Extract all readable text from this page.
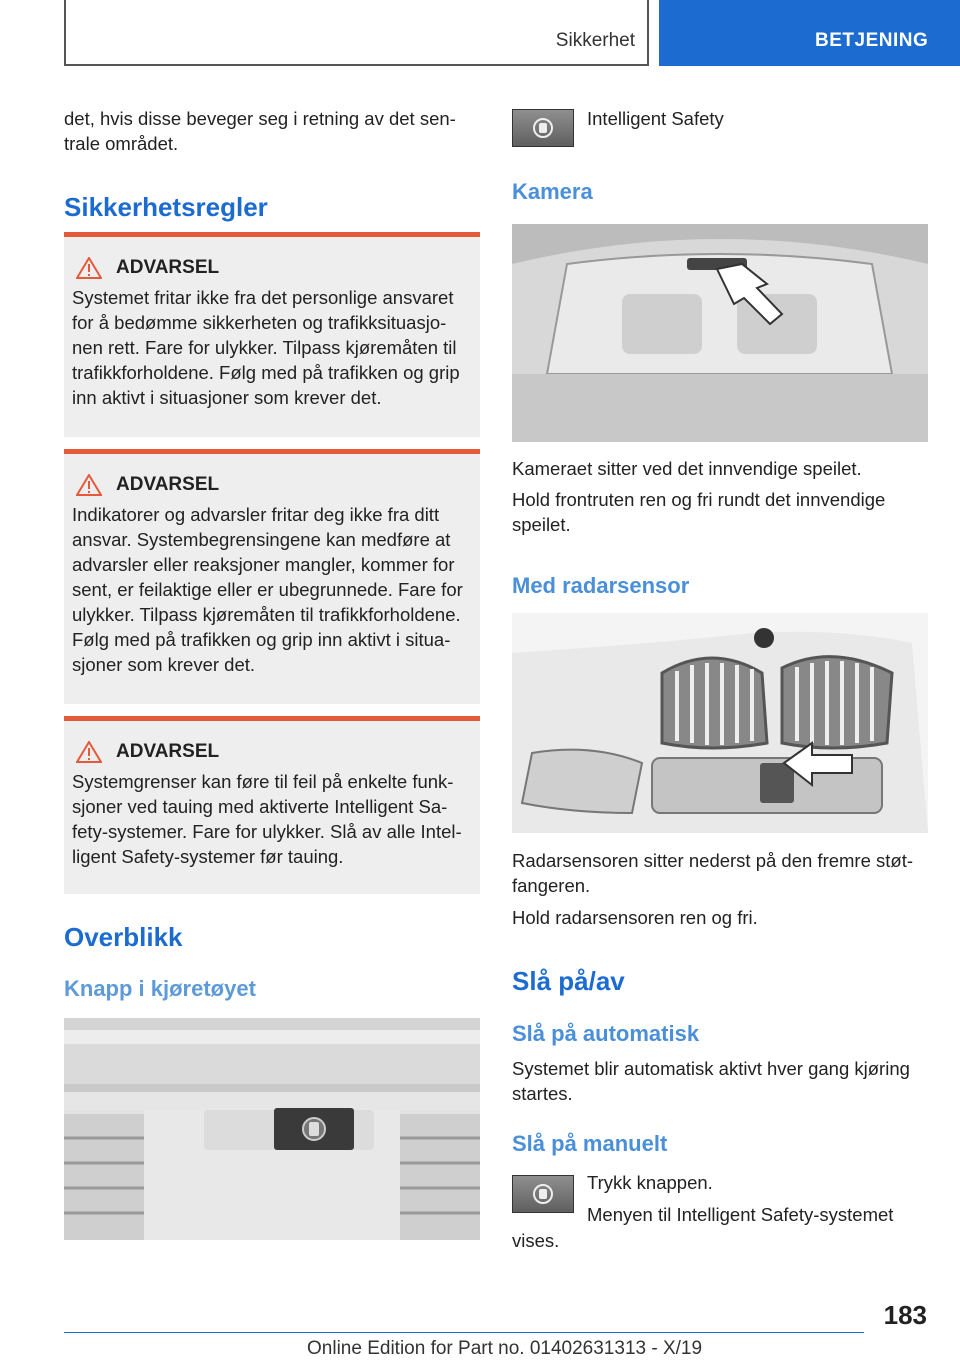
Sikkerhet	BETJENING
det, hvis disse beveger seg i retning av det sen-
trale området.
Sikkerhetsregler
ADVARSEL
Systemet fritar ikke fra det personlige ansvaret for å bedømme sikkerheten og trafikksituasjo-nen rett. Fare for ulykker. Tilpass kjøremåten til trafikkforholdene. Følg med på trafikken og grip inn aktivt i situasjoner som krever det.
ADVARSEL
Indikatorer og advarsler fritar deg ikke fra ditt ansvar. Systembegrensingene kan medføre at advarsler eller reaksjoner mangler, kommer for sent, er feilaktige eller er ubegrunnede. Fare for ulykker. Tilpass kjøremåten til trafikkforholdene. Følg med på trafikken og grip inn aktivt i situa-sjoner som krever det.
ADVARSEL
Systemgrenser kan føre til feil på enkelte funk-sjoner ved tauing med aktiverte Intelligent Sa-fety-systemer. Fare for ulykker. Slå av alle Intel-ligent Safety-systemer før tauing.
Overblikk
Knapp i kjøretøyet
Intelligent Safety
Kamera
Kameraet sitter ved det innvendige speilet.
Hold frontruten ren og fri rundt det innvendige speilet.
Med radarsensor
Radarsensoren sitter nederst på den fremre støt-fangeren.
Hold radarsensoren ren og fri.
Slå på/av
Slå på automatisk
Systemet blir automatisk aktivt hver gang kjøring startes.
Slå på manuelt
Trykk knappen.
Menyen til Intelligent Safety-systemet
vises.
183
Online Edition for Part no. 01402631313 - X/19
